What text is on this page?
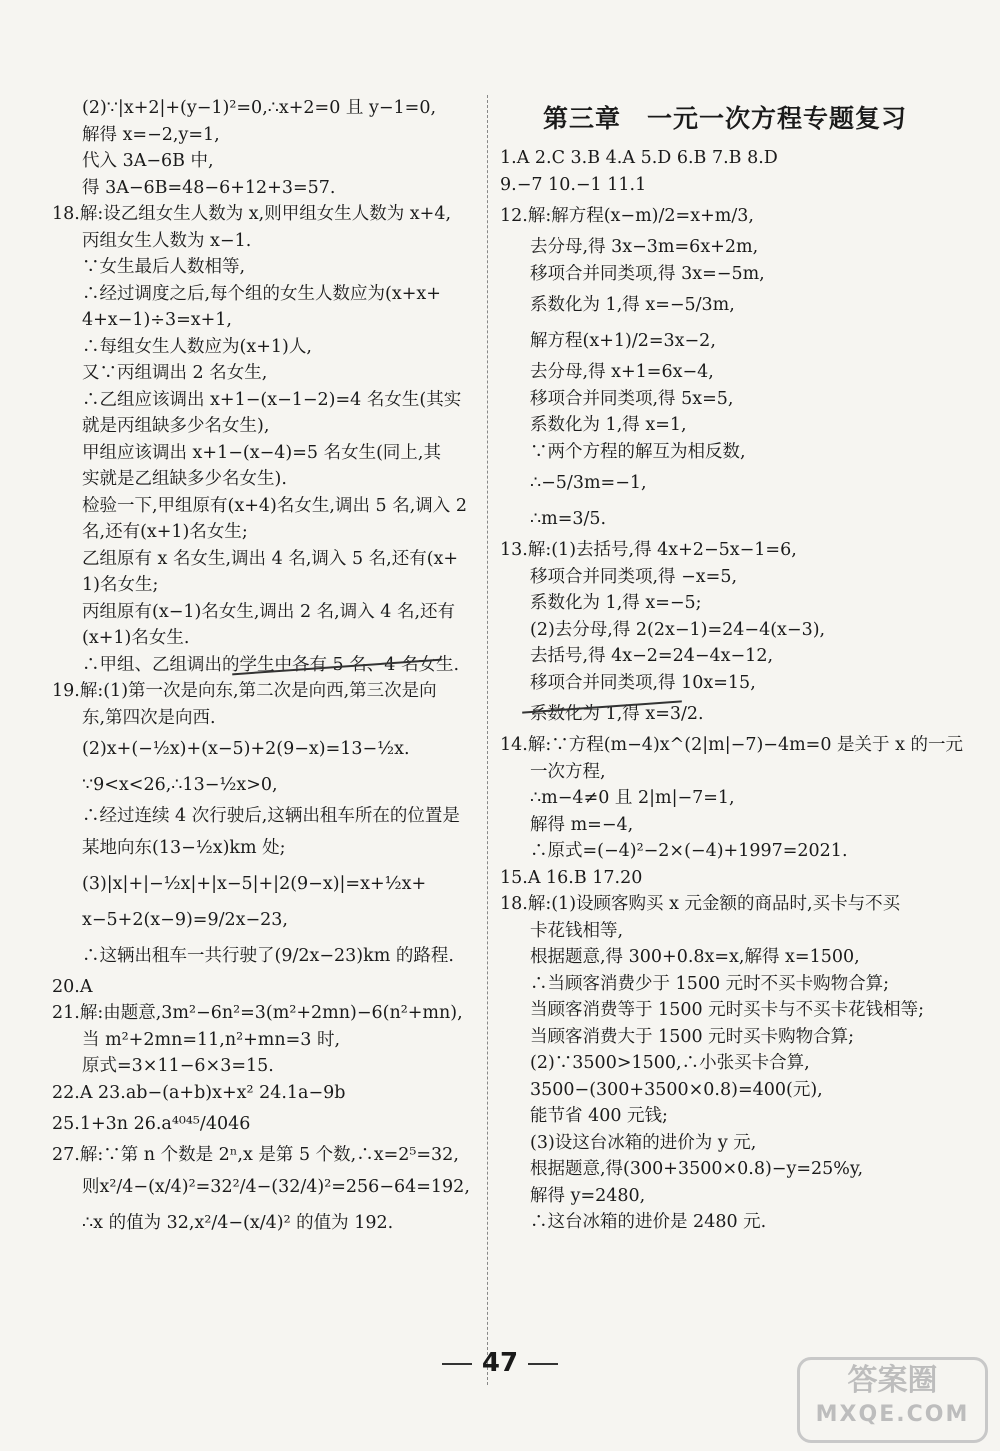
(2)∵|x+2|+(y−1)²=0,∴x+2=0 且 y−1=0,
解得 x=−2,y=1,
代入 3A−6B 中,
得 3A−6B=48−6+12+3=57.
18.解:设乙组女生人数为 x,则甲组女生人数为 x+4,
丙组女生人数为 x−1.
∵女生最后人数相等,
∴经过调度之后,每个组的女生人数应为(x+x+
4+x−1)÷3=x+1,
∴每组女生人数应为(x+1)人,
又∵丙组调出 2 名女生,
∴乙组应该调出 x+1−(x−1−2)=4 名女生(其实
就是丙组缺多少名女生),
甲组应该调出 x+1−(x−4)=5 名女生(同上,其
实就是乙组缺多少名女生).
检验一下,甲组原有(x+4)名女生,调出 5 名,调入 2
名,还有(x+1)名女生;
乙组原有 x 名女生,调出 4 名,调入 5 名,还有(x+
1)名女生;
丙组原有(x−1)名女生,调出 2 名,调入 4 名,还有
(x+1)名女生.
∴甲组、乙组调出的学生中各有 5 名、4 名女生.
19.解:(1)第一次是向东,第二次是向西,第三次是向
东,第四次是向西.
(2)x+(−½x)+(x−5)+2(9−x)=13−½x.
∵9<x<26,∴13−½x>0,
∴经过连续 4 次行驶后,这辆出租车所在的位置是
某地向东(13−½x)km 处;
(3)|x|+|−½x|+|x−5|+|2(9−x)|=x+½x+
x−5+2(x−9)=9/2x−23,
∴这辆出租车一共行驶了(9/2x−23)km 的路程.
20.A
21.解:由题意,3m²−6n²=3(m²+2mn)−6(n²+mn),
当 m²+2mn=11,n²+mn=3 时,
原式=3×11−6×3=15.
22.A 23.ab−(a+b)x+x² 24.1a−9b
25.1+3n 26.a⁴⁰⁴⁵/4046
27.解:∵第 n 个数是 2ⁿ,x 是第 5 个数,∴x=2⁵=32,
则x²/4−(x/4)²=32²/4−(32/4)²=256−64=192,
∴x 的值为 32,x²/4−(x/4)² 的值为 192.
第三章　一元一次方程专题复习
1.A 2.C 3.B 4.A 5.D 6.B 7.B 8.D
9.−7 10.−1 11.1
12.解:解方程(x−m)/2=x+m/3,
去分母,得 3x−3m=6x+2m,
移项合并同类项,得 3x=−5m,
系数化为 1,得 x=−5/3m,
解方程(x+1)/2=3x−2,
去分母,得 x+1=6x−4,
移项合并同类项,得 5x=5,
系数化为 1,得 x=1,
∵两个方程的解互为相反数,
∴−5/3m=−1,
∴m=3/5.
13.解:(1)去括号,得 4x+2−5x−1=6,
移项合并同类项,得 −x=5,
系数化为 1,得 x=−5;
(2)去分母,得 2(2x−1)=24−4(x−3),
去括号,得 4x−2=24−4x−12,
移项合并同类项,得 10x=15,
系数化为 1,得 x=3/2.
14.解:∵方程(m−4)x^(2|m|−7)−4m=0 是关于 x 的一元
一次方程,
∴m−4≠0 且 2|m|−7=1,
解得 m=−4,
∴原式=(−4)²−2×(−4)+1997=2021.
15.A 16.B 17.20
18.解:(1)设顾客购买 x 元金额的商品时,买卡与不买
卡花钱相等,
根据题意,得 300+0.8x=x,解得 x=1500,
∴当顾客消费少于 1500 元时不买卡购物合算;
当顾客消费等于 1500 元时买卡与不买卡花钱相等;
当顾客消费大于 1500 元时买卡购物合算;
(2)∵3500>1500,∴小张买卡合算,
3500−(300+3500×0.8)=400(元),
能节省 400 元钱;
(3)设这台冰箱的进价为 y 元,
根据题意,得(300+3500×0.8)−y=25%y,
解得 y=2480,
∴这台冰箱的进价是 2480 元.
47	答案圈
MXQE.COM
